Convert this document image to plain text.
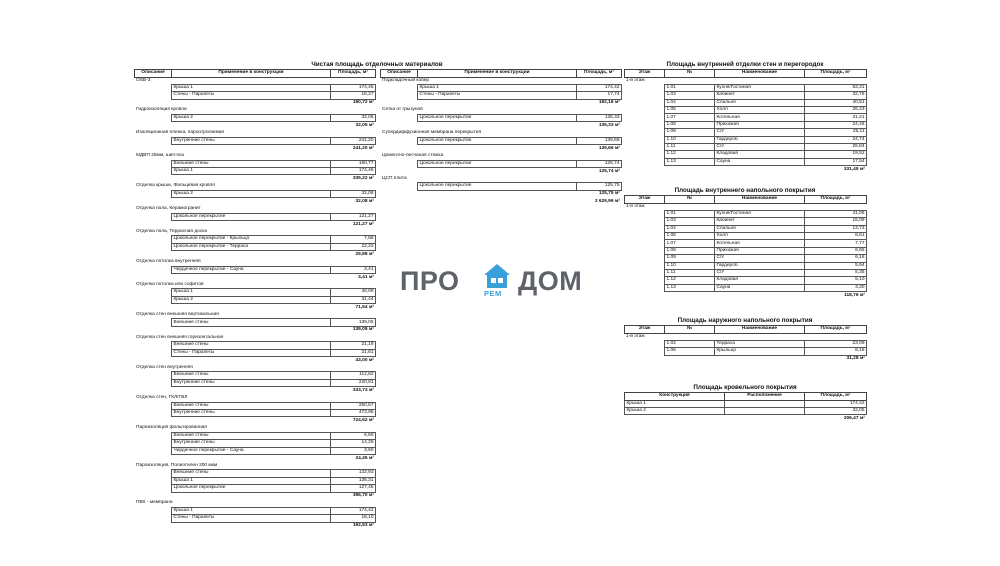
Чистая площадь отделочных материалов
Описание	Применение в конструкции	Площадь, м²
OSB-3		
	Крыша 1	174,45
	Стены - Парапеты	16,27
		190,72 м²
Гидроизоляция кровли		
	Крыша 2	32,05
		32,05 м²
Изоляционная пленка, пароотрогаемая		
	Внутренние стены	241,20
		241,20 м²
МДВП 25мм, шип-паз		
	Внешние стены	160,77
	Крыша 1	174,46
		335,22 м²
Отделка крыши, Фальцевая кровля		
	Крыша 2	32,08
		32,08 м²
Отделка пола, Керамогранит		
	Цокольное перекрытие	121,27
		121,27 м²
Отделка пола, Террасная доска		
	Цокольное перекрытие - Крыльцо	7,66
	Цокольное перекрытие - Терраса	22,22
		29,88 м²
Отделка потолка внутренняя		
	Чердачное перекрытие - Сауна	3,41
		3,41 м²
Отделка потолка или софитов		
	Крыша 1	40,09
	Крыша 2	31,44
		71,54 м²
Отделка стен внешняя вертикальная		
	Внешние стены	139,05
		139,05 м²
Отделка стен внешняя горизонтальная		
	Внешние стены	21,19
	Стены - Парапеты	21,81
		43,00 м²
Отделка стен внутренняя		
	Внешние стены	112,82
	Внутренние стены	220,91
		333,73 м²
Отделка стен, ГКЛ/ГВЛ		
	Внешние стены	250,57
	Внутренние стены	473,95
		724,52 м²
Пароизоляция фольгированная		
	Внешние стены	6,60
	Внутренние стены	14,25
	Чердачное перекрытие - Сауна	3,60
		24,45 м²
Пароизоляция, Полиэтилен 200 мкм		
	Внешние стены	132,93
	Крыша 1	136,31
	Цокольное перекрытие	127,45
		396,70 м²
ПВХ - мембрана		
	Крыша 1	174,42
	Стены - Парапеты	18,10
		192,53 м²
Описание	Применение в конструкции	Площадь, м²
Подкладочный ковер		
	Крыша 1	174,42
	Стены - Парапеты	17,74
		192,16 м²
Сетка от грызунов		
	Цокольное перекрытие	135,33
		135,33 м²
Супердиффузионная мембрана перекрытия		
	Цокольное перекрытие	139,66
		139,66 м²
Цементно-песчаная стяжка		
	Цокольное перекрытие	125,74
		125,74 м²
ЦСП плита		
	Цокольное перекрытие	125,75
		125,75 м²
		3 629,99 м²
Площадь внутренней отделки стен и перегородок
Этаж	№	Наименование	Площадь, м²
1-й этаж			
	1.01	Кухня/Гостиная	63,31
	1.03	Кабинет	32,78
	1.04	Спальня	40,51
	1.05	Холл	26,43
	1.07	Котельная	31,21
	1.08	Прихожая	24,46
	1.09	С/У	25,11
	1.10	Гардероб	24,74
	1.11	С/У	25,84
	1.12	Кладовая	19,52
	1.13	Сауна	17,54
			331,45 м²
Площадь внутреннего напольного покрытия
Этаж	№	Наименование	Площадь, м²
1-й этаж			
	1.01	Кухня/Гостиная	41,06
	1.03	Кабинет	15,09
	1.04	Спальня	13,73
	1.05	Холл	8,61
	1.07	Котельная	7,77
	1.08	Прихожая	6,65
	1.09	С/У	6,16
	1.10	Гардероб	5,94
	1.11	С/У	5,35
	1.12	Кладовая	5,10
	1.13	Сауна	3,30
			118,76 м²
Площадь наружного напольного покрытия
Этаж	№	Наименование	Площадь, м²
1-й этаж			
	1.02	Терраса	23,09
	1.06	Крыльцо	8,18
			31,28 м²
Площадь кровельного покрытия
Конструкция	Расположение	Площадь, м²
Крыша 1		174,42
Крыша 2		32,05
		206,47 м²
ПРО	РЕМ ДОМ
